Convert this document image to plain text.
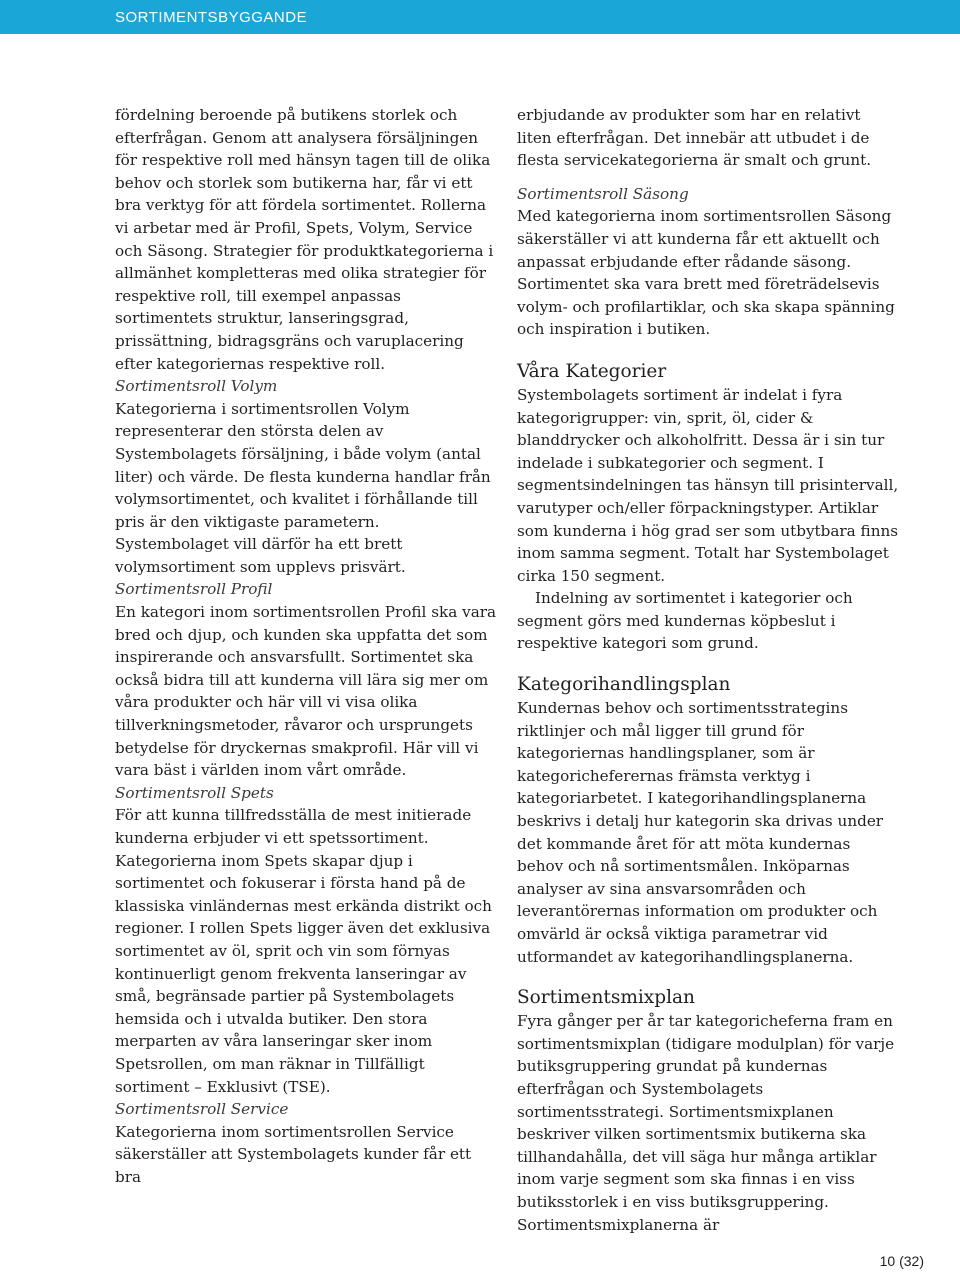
SORTIMENTSBYGGANDE

fördelning beroende på butikens storlek och efterfrågan. Genom att analysera försäljningen för respektive roll med hänsyn tagen till de olika behov och storlek som butikerna har, får vi ett bra verktyg för att fördela sortimentet. Rollerna vi arbetar med är Profil, Spets, Volym, Service och Säsong. Strategier för produktkategorierna i allmänhet kompletteras med olika strategier för respektive roll, till exempel anpassas sortimentets struktur, lanseringsgrad, prissättning, bidragsgräns och varuplacering efter kategoriernas respektive roll.

Sortimentsroll Volym

Kategorierna i sortimentsrollen Volym representerar den största delen av Systembolagets försäljning, i både volym (antal liter) och värde. De flesta kunderna handlar från volymsortimentet, och kvalitet i förhållande till pris är den viktigaste parametern. Systembolaget vill därför ha ett brett volymsortiment som upplevs prisvärt.

Sortimentsroll Profil

En kategori inom sortimentsrollen Profil ska vara bred och djup, och kunden ska uppfatta det som inspirerande och ansvarsfullt. Sortimentet ska också bidra till att kunderna vill lära sig mer om våra produkter och här vill vi visa olika tillverkningsmetoder, råvaror och ursprungets betydelse för dryckernas smakprofil. Här vill vi vara bäst i världen inom vårt område.

Sortimentsroll Spets

För att kunna tillfredsställa de mest initierade kunderna erbjuder vi ett spetssortiment. Kategorierna inom Spets skapar djup i sortimentet och fokuserar i första hand på de klassiska vinländernas mest erkända distrikt och regioner. I rollen Spets ligger även det exklusiva sortimentet av öl, sprit och vin som förnyas kontinuerligt genom frekventa lanseringar av små, begränsade partier på Systembolagets hemsida och i utvalda butiker. Den stora merparten av våra lanseringar sker inom Spetsrollen, om man räknar in Tillfälligt sortiment – Exklusivt (TSE).

Sortimentsroll Service

Kategorierna inom sortimentsrollen Service säkerställer att Systembolagets kunder får ett bra

erbjudande av produkter som har en relativt liten efterfrågan. Det innebär att utbudet i de flesta servicekategorierna är smalt och grunt.

Sortimentsroll Säsong

Med kategorierna inom sortimentsrollen Säsong säkerställer vi att kunderna får ett aktuellt och anpassat erbjudande efter rådande säsong. Sortimentet ska vara brett med företrädelsevis volym- och profilartiklar, och ska skapa spänning och inspiration i butiken.

Våra Kategorier

Systembolagets sortiment är indelat i fyra kategorigrupper: vin, sprit, öl, cider & blanddrycker och alkoholfritt. Dessa är i sin tur indelade i subkategorier och segment. I segmentsindelningen tas hänsyn till prisintervall, varutyper och/eller förpackningstyper. Artiklar som kunderna i hög grad ser som utbytbara finns inom samma segment. Totalt har Systembolaget cirka 150 segment.

Indelning av sortimentet i kategorier och segment görs med kundernas köpbeslut i respektive kategori som grund.

Kategorihandlingsplan

Kundernas behov och sortimentsstrategins riktlinjer och mål ligger till grund för kategoriernas handlingsplaner, som är kategoricheferernas främsta verktyg i kategoriarbetet. I kategorihandlingsplanerna beskrivs i detalj hur kategorin ska drivas under det kommande året för att möta kundernas behov och nå sortimentsmålen. Inköparnas analyser av sina ansvarsområden och leverantörernas information om produkter och omvärld är också viktiga parametrar vid utformandet av kategorihandlingsplanerna.

Sortimentsmixplan

Fyra gånger per år tar kategoricheferna fram en sortimentsmixplan (tidigare modulplan) för varje butiksgruppering grundat på kundernas efterfrågan och Systembolagets sortimentsstrategi. Sortimentsmixplanen beskriver vilken sortimentsmix butikerna ska tillhandahålla, det vill säga hur många artiklar inom varje segment som ska finnas i en viss butiksstorlek i en viss butiksgruppering. Sortimentsmixplanerna är

10 (32)
